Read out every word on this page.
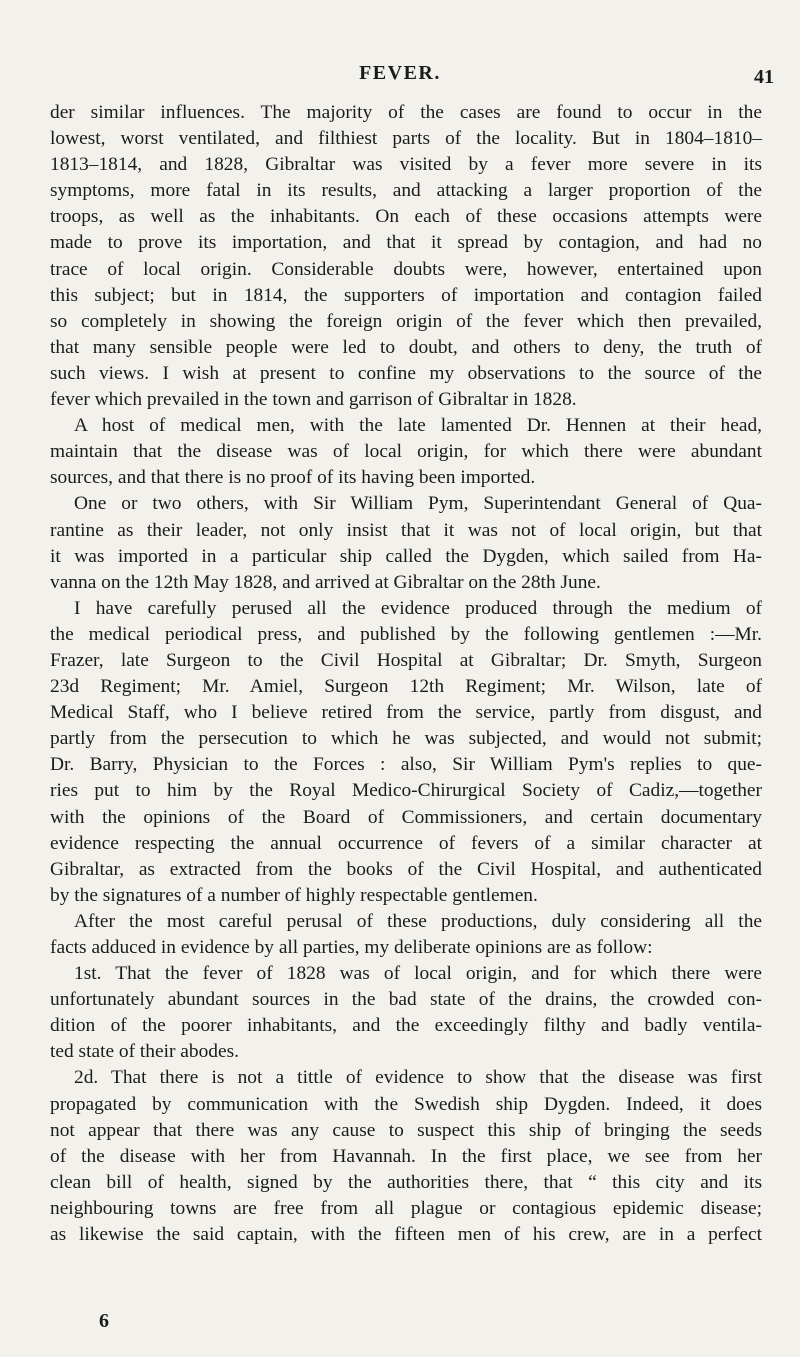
FEVER.	41
der similar influences. The majority of the cases are found to occur in the
lowest, worst ventilated, and filthiest parts of the locality. But in 1804–1810–
1813–1814, and 1828, Gibraltar was visited by a fever more severe in its
symptoms, more fatal in its results, and attacking a larger proportion of the
troops, as well as the inhabitants. On each of these occasions attempts were
made to prove its importation, and that it spread by contagion, and had no
trace of local origin. Considerable doubts were, however, entertained upon
this subject; but in 1814, the supporters of importation and contagion failed
so completely in showing the foreign origin of the fever which then prevailed,
that many sensible people were led to doubt, and others to deny, the truth of
such views. I wish at present to confine my observations to the source of the
fever which prevailed in the town and garrison of Gibraltar in 1828.
A host of medical men, with the late lamented Dr. Hennen at their head,
maintain that the disease was of local origin, for which there were abundant
sources, and that there is no proof of its having been imported.
One or two others, with Sir William Pym, Superintendant General of Qua-
rantine as their leader, not only insist that it was not of local origin, but that
it was imported in a particular ship called the Dygden, which sailed from Ha-
vanna on the 12th May 1828, and arrived at Gibraltar on the 28th June.
I have carefully perused all the evidence produced through the medium of
the medical periodical press, and published by the following gentlemen :—Mr.
Frazer, late Surgeon to the Civil Hospital at Gibraltar; Dr. Smyth, Surgeon
23d Regiment; Mr. Amiel, Surgeon 12th Regiment; Mr. Wilson, late of
Medical Staff, who I believe retired from the service, partly from disgust, and
partly from the persecution to which he was subjected, and would not submit;
Dr. Barry, Physician to the Forces : also, Sir William Pym's replies to que-
ries put to him by the Royal Medico-Chirurgical Society of Cadiz,—together
with the opinions of the Board of Commissioners, and certain documentary
evidence respecting the annual occurrence of fevers of a similar character at
Gibraltar, as extracted from the books of the Civil Hospital, and authenticated
by the signatures of a number of highly respectable gentlemen.
After the most careful perusal of these productions, duly considering all the
facts adduced in evidence by all parties, my deliberate opinions are as follow:
1st. That the fever of 1828 was of local origin, and for which there were
unfortunately abundant sources in the bad state of the drains, the crowded con-
dition of the poorer inhabitants, and the exceedingly filthy and badly ventila-
ted state of their abodes.
2d. That there is not a tittle of evidence to show that the disease was first
propagated by communication with the Swedish ship Dygden. Indeed, it does
not appear that there was any cause to suspect this ship of bringing the seeds
of the disease with her from Havannah. In the first place, we see from her
clean bill of health, signed by the authorities there, that “ this city and its
neighbouring towns are free from all plague or contagious epidemic disease;
as likewise the said captain, with the fifteen men of his crew, are in a perfect
6
